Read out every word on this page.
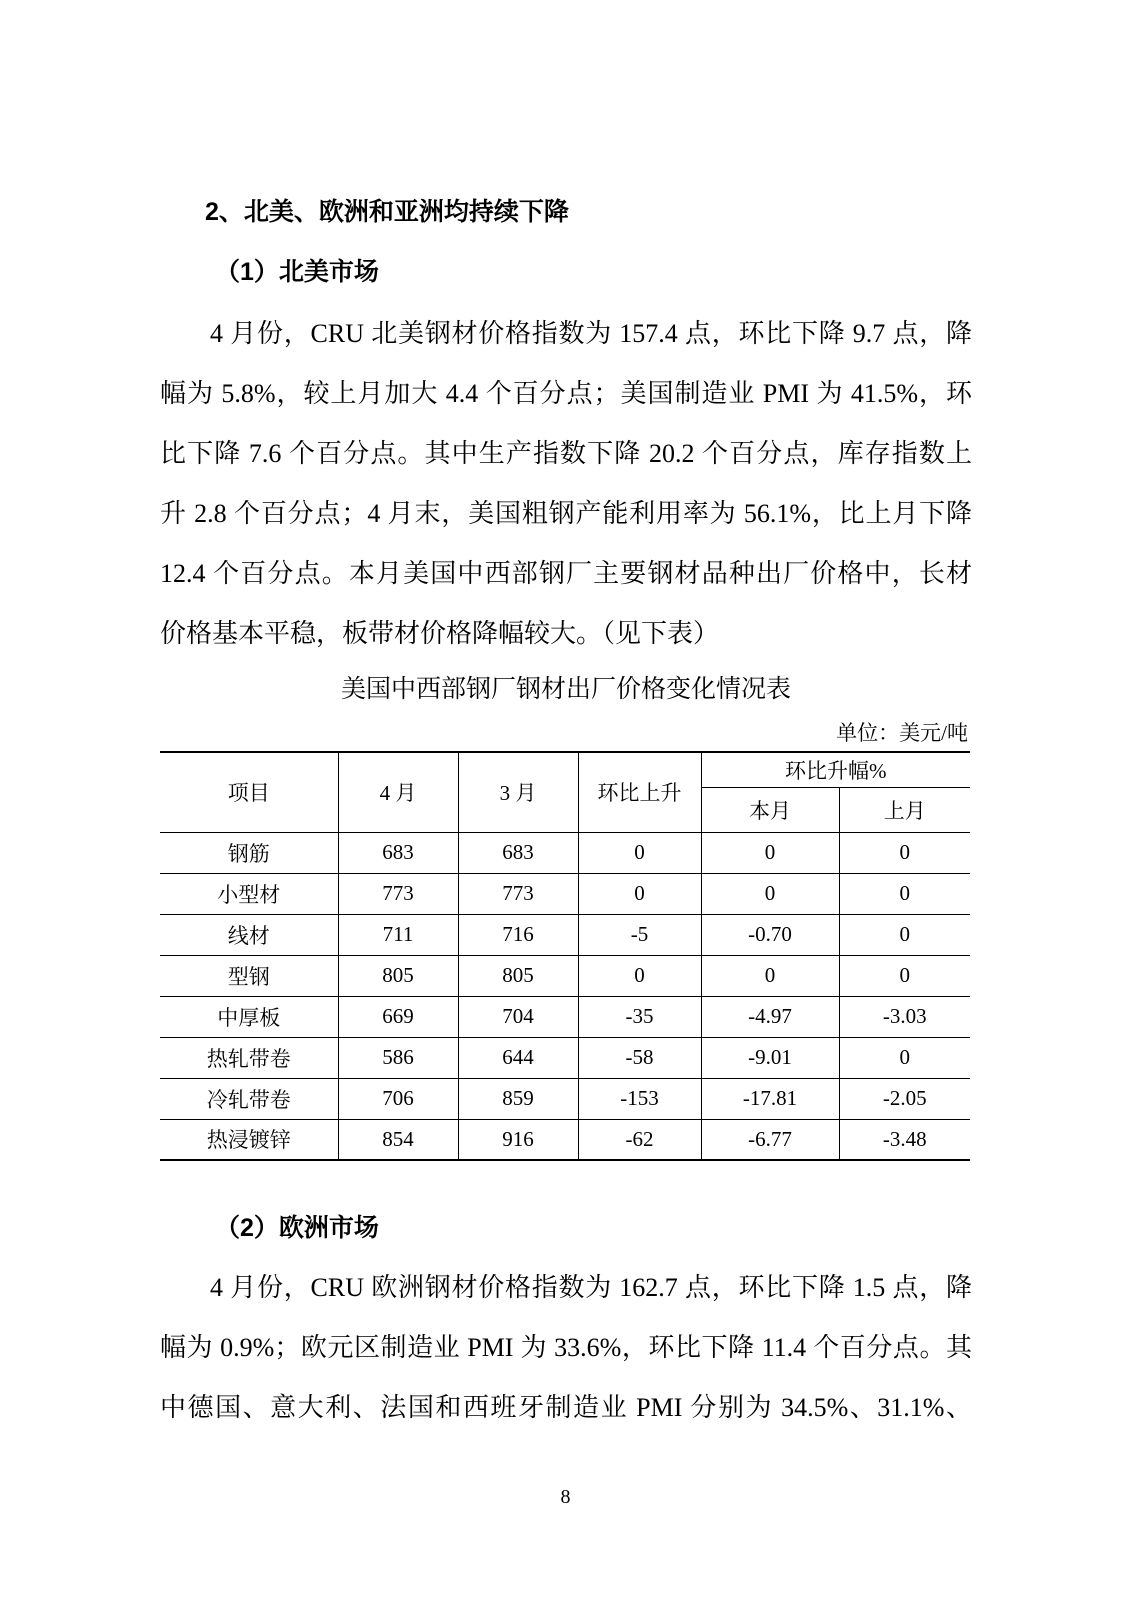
2、北美、欧洲和亚洲均持续下降
（1）北美市场
4 月份，CRU 北美钢材价格指数为 157.4 点，环比下降 9.7 点，降
幅为 5.8%，较上月加大 4.4 个百分点；美国制造业 PMI 为 41.5%，环
比下降 7.6 个百分点。其中生产指数下降 20.2 个百分点，库存指数上
升 2.8 个百分点；4 月末，美国粗钢产能利用率为 56.1%，比上月下降
12.4 个百分点。本月美国中西部钢厂主要钢材品种出厂价格中，长材
价格基本平稳，板带材价格降幅较大。（见下表）
美国中西部钢厂钢材出厂价格变化情况表
单位：美元/吨
项目	4 月	3 月	环比上升	环比升幅%	
				本月	上月
钢筋	683	683	0	0	0
小型材	773	773	0	0	0
线材	711	716	-5	-0.70	0
型钢	805	805	0	0	0
中厚板	669	704	-35	-4.97	-3.03
热轧带卷	586	644	-58	-9.01	0
冷轧带卷	706	859	-153	-17.81	-2.05
热浸镀锌	854	916	-62	-6.77	-3.48
（2）欧洲市场
4 月份，CRU 欧洲钢材价格指数为 162.7 点，环比下降 1.5 点，降
幅为 0.9%；欧元区制造业 PMI 为 33.6%，环比下降 11.4 个百分点。其
中德国、意大利、法国和西班牙制造业 PMI 分别为 34.5%、31.1%、
8
